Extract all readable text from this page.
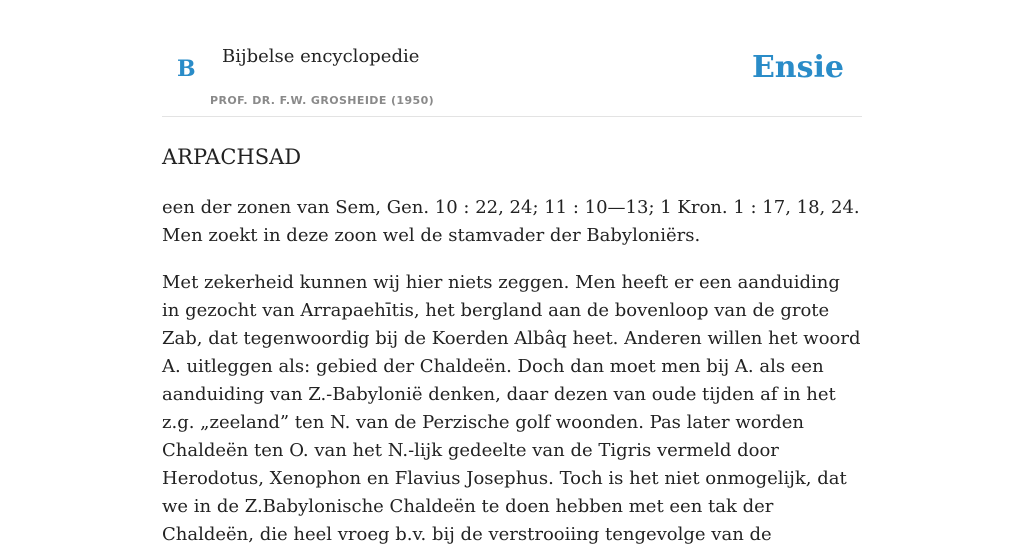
B Bijbelse encyclopedie
PROF. DR. F.W. GROSHEIDE (1950)
Ensie
ARPACHSAD

een der zonen van Sem, Gen. 10 : 22, 24; 11 : 10—13; 1 Kron. 1 : 17, 18, 24. Men zoekt in deze zoon wel de stamvader der Babyloniërs.

Met zekerheid kunnen wij hier niets zeggen. Men heeft er een aanduiding in gezocht van Arrapaehītis, het bergland aan de bovenloop van de grote Zab, dat tegenwoordig bij de Koerden Albâq heet. Anderen willen het woord A. uitleggen als: gebied der Chaldeën. Doch dan moet men bij A. als een aanduiding van Z.-Babylonië denken, daar dezen van oude tijden af in het z.g. „zeeland” ten N. van de Perzische golf woonden. Pas later worden Chaldeën ten O. van het N.-lijk gedeelte van de Tigris vermeld door Herodotus, Xenophon en Flavius Josephus. Toch is het niet onmogelijk, dat we in de Z.Babylonische Chaldeën te doen hebben met een tak der Chaldeën, die heel vroeg b.v. bij de verstrooiing tengevolge van de
